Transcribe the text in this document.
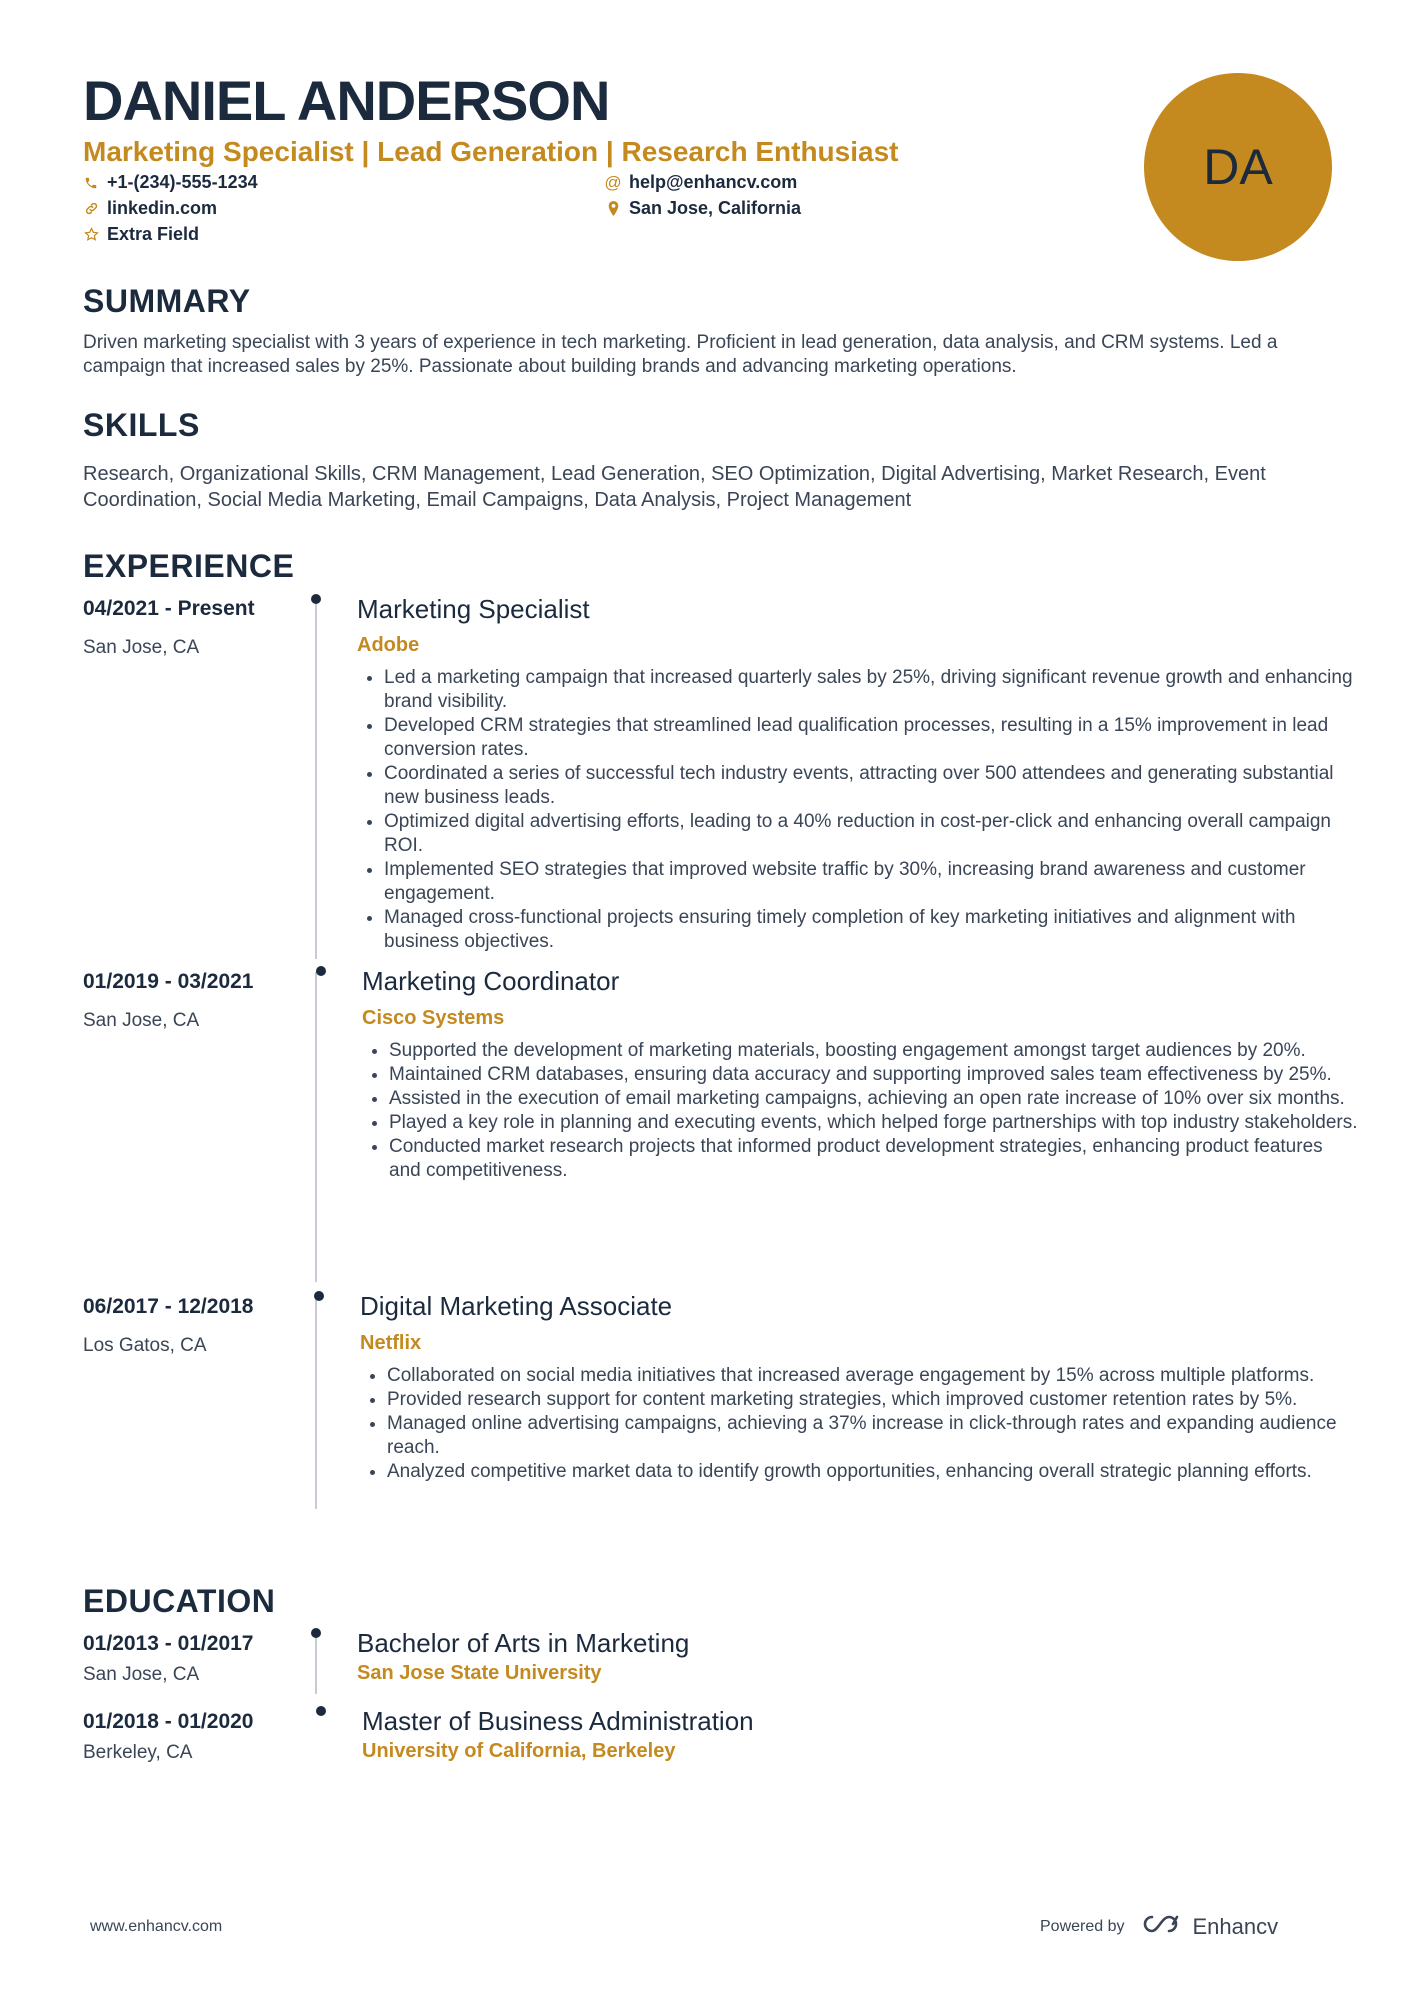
DANIEL ANDERSON
Marketing Specialist | Lead Generation | Research Enthusiast
+1-(234)-555-1234	@ help@enhancv.com
linkedin.com	San Jose, California
Extra Field
DA
SUMMARY
Driven marketing specialist with 3 years of experience in tech marketing. Proficient in lead generation, data analysis, and CRM systems. Led a campaign that increased sales by 25%. Passionate about building brands and advancing marketing operations.
SKILLS
Research, Organizational Skills, CRM Management, Lead Generation, SEO Optimization, Digital Advertising, Market Research, Event Coordination, Social Media Marketing, Email Campaigns, Data Analysis, Project Management
EXPERIENCE
04/2021 - Present
San Jose, CA
Marketing Specialist
Adobe
• Led a marketing campaign that increased quarterly sales by 25%, driving significant revenue growth and enhancing brand visibility.
• Developed CRM strategies that streamlined lead qualification processes, resulting in a 15% improvement in lead conversion rates.
• Coordinated a series of successful tech industry events, attracting over 500 attendees and generating substantial new business leads.
• Optimized digital advertising efforts, leading to a 40% reduction in cost-per-click and enhancing overall campaign ROI.
• Implemented SEO strategies that improved website traffic by 30%, increasing brand awareness and customer engagement.
• Managed cross-functional projects ensuring timely completion of key marketing initiatives and alignment with business objectives.
01/2019 - 03/2021
San Jose, CA
Marketing Coordinator
Cisco Systems
• Supported the development of marketing materials, boosting engagement amongst target audiences by 20%.
• Maintained CRM databases, ensuring data accuracy and supporting improved sales team effectiveness by 25%.
• Assisted in the execution of email marketing campaigns, achieving an open rate increase of 10% over six months.
• Played a key role in planning and executing events, which helped forge partnerships with top industry stakeholders.
• Conducted market research projects that informed product development strategies, enhancing product features and competitiveness.
06/2017 - 12/2018
Los Gatos, CA
Digital Marketing Associate
Netflix
• Collaborated on social media initiatives that increased average engagement by 15% across multiple platforms.
• Provided research support for content marketing strategies, which improved customer retention rates by 5%.
• Managed online advertising campaigns, achieving a 37% increase in click-through rates and expanding audience reach.
• Analyzed competitive market data to identify growth opportunities, enhancing overall strategic planning efforts.
EDUCATION
01/2013 - 01/2017
San Jose, CA
Bachelor of Arts in Marketing
San Jose State University
01/2018 - 01/2020
Berkeley, CA
Master of Business Administration
University of California, Berkeley
www.enhancv.com	Powered by	Enhancv
